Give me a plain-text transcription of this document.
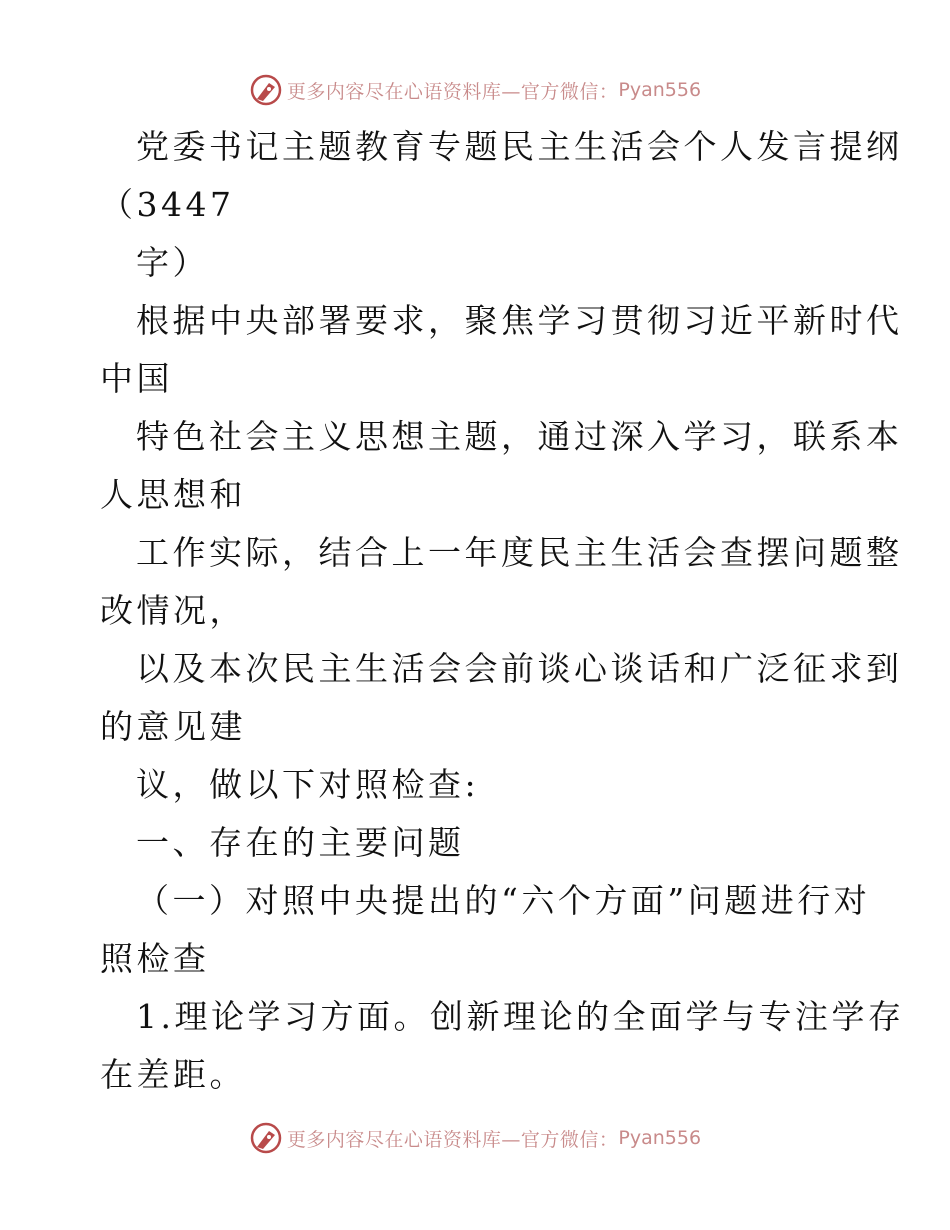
更多内容尽在心语资料库—官方微信： Pyan556
党委书记主题教育专题民主生活会个人发言提纲
（3447
字）
根据中央部署要求，聚焦学习贯彻习近平新时代
中国
特色社会主义思想主题，通过深入学习，联系本
人思想和
工作实际，结合上一年度民主生活会查摆问题整
改情况，
以及本次民主生活会会前谈心谈话和广泛征求到
的意见建
议，做以下对照检查:
一、存在的主要问题
（一）对照中央提出的“六个方面”问题进行对
照检查
1.理论学习方面。创新理论的全面学与专注学存
在差距。
更多内容尽在心语资料库—官方微信： Pyan556
